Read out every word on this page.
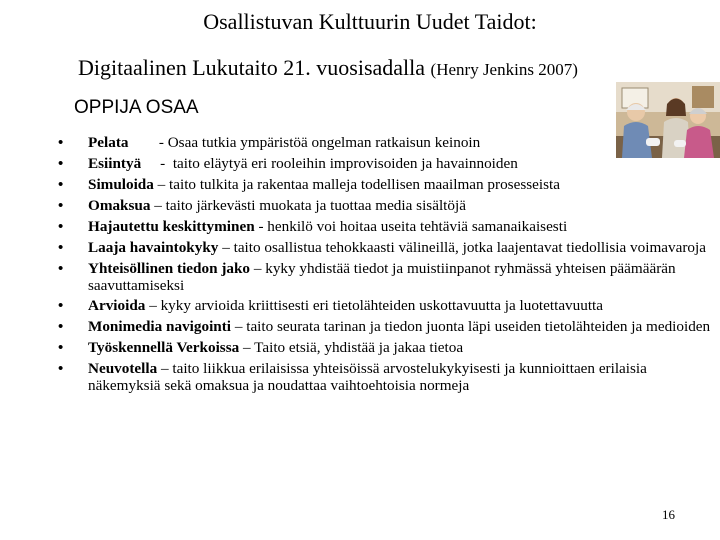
Osallistuvan Kulttuurin Uudet Taidot:
Digitaalinen Lukutaito 21. vuosisadalla (Henry Jenkins 2007)
OPPIJA OSAA
• Pelata        - Osaa tutkia ympäristöä ongelman ratkaisun keinoin
• Esiintyä     -  taito eläytyä eri rooleihin improvisoiden ja havainnoiden
• Simuloida – taito tulkita ja rakentaa malleja todellisen maailman prosesseista
• Omaksua – taito järkevästi muokata ja tuottaa media sisältöjä
• Hajautettu keskittyminen - henkilö voi hoitaa useita tehtäviä samanaikaisesti
• Laaja havaintokyky – taito osallistua tehokkaasti välineillä, jotka laajentavat tiedollisia voimavaroja
• Yhteisöllinen tiedon jako – kyky yhdistää tiedot ja muistiinpanot ryhmässä yhteisen päämäärän saavuttamiseksi
• Arvioida – kyky arvioida kriittisesti eri tietolähteiden uskottavuutta ja luotettavuutta
• Monimedia navigointi – taito seurata tarinan ja tiedon juonta läpi useiden tietolähteiden ja medioiden
• Työskennellä Verkoissa – Taito etsiä, yhdistää ja jakaa tietoa
• Neuvotella – taito liikkua erilaisissa yhteisöissä arvostelukykyisesti ja kunnioittaen erilaisia näkemyksiä sekä omaksua ja noudattaa vaihtoehtoisia normeja
16
